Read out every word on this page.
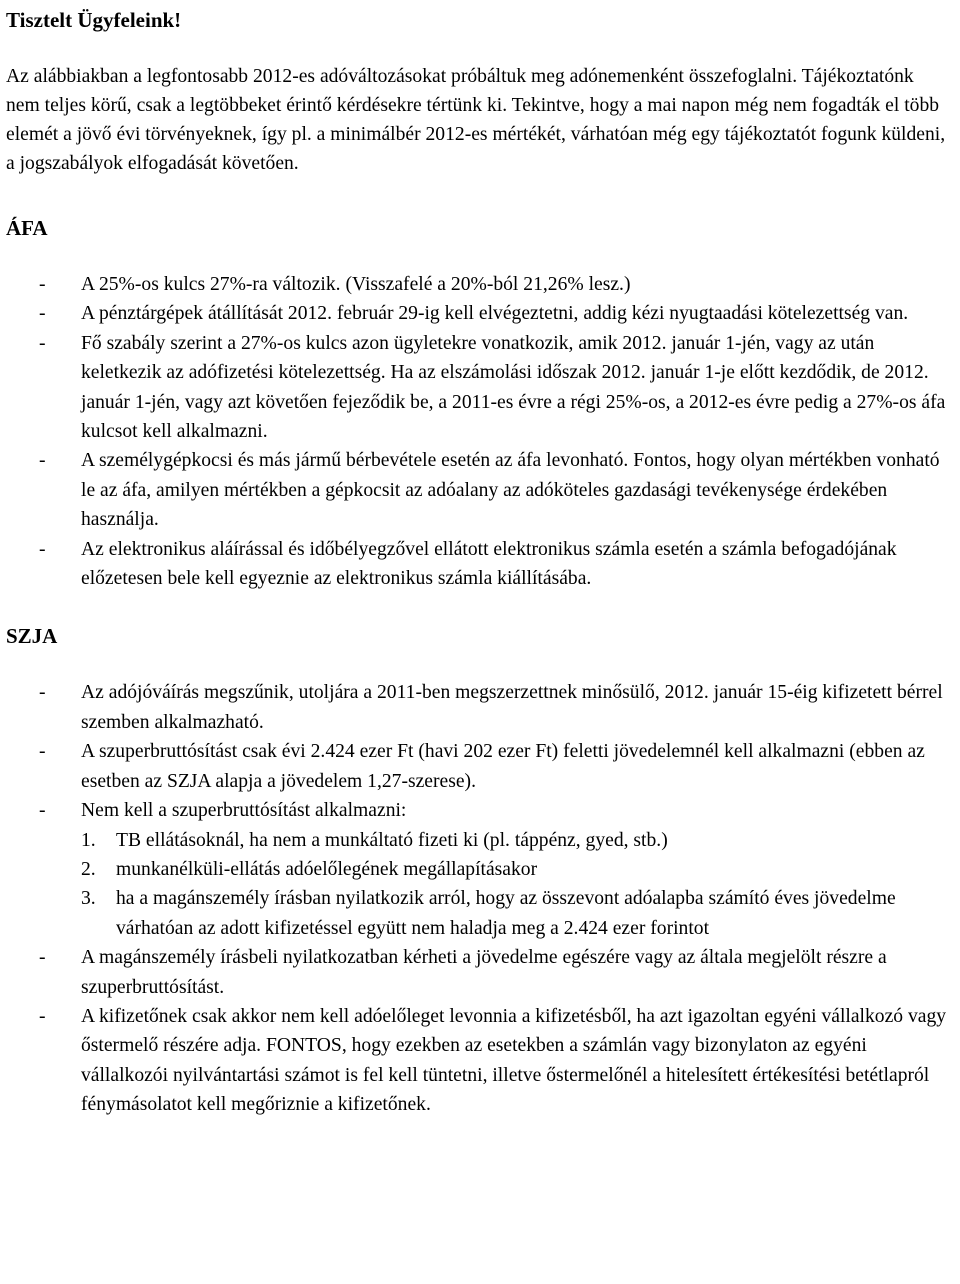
Tisztelt Ügyfeleink!

Az alábbiakban a legfontosabb 2012-es adóváltozásokat próbáltuk meg adónemenként összefoglalni. Tájékoztatónk nem teljes körű, csak a legtöbbeket érintő kérdésekre tértünk ki. Tekintve, hogy a mai napon még nem fogadták el több elemét a jövő évi törvényeknek, így pl. a minimálbér 2012-es mértékét, várhatóan még egy tájékoztatót fogunk küldeni, a jogszabályok elfogadását követően.

ÁFA
- A 25%-os kulcs 27%-ra változik. (Visszafelé a 20%-ból 21,26% lesz.)
- A pénztárgépek átállítását 2012. február 29-ig kell elvégeztetni, addig kézi nyugtaadási kötelezettség van.
- Fő szabály szerint a 27%-os kulcs azon ügyletekre vonatkozik, amik 2012. január 1-jén, vagy az után keletkezik az adófizetési kötelezettség. Ha az elszámolási időszak 2012. január 1-je előtt kezdődik, de 2012. január 1-jén, vagy azt követően fejeződik be, a 2011-es évre a régi 25%-os, a 2012-es évre pedig a 27%-os áfa kulcsot kell alkalmazni.
- A személygépkocsi és más jármű bérbevétele esetén az áfa levonható. Fontos, hogy olyan mértékben vonható le az áfa, amilyen mértékben a gépkocsit az adóalany az adóköteles gazdasági tevékenysége érdekében használja.
- Az elektronikus aláírással és időbélyegzővel ellátott elektronikus számla esetén a számla befogadójának előzetesen bele kell egyeznie az elektronikus számla kiállításába.
SZJA
- Az adójóváírás megszűnik, utoljára a 2011-ben megszerzettnek minősülő, 2012. január 15-éig kifizetett bérrel szemben alkalmazható.
- A szuperbruttósítást csak évi 2.424 ezer Ft (havi 202 ezer Ft) feletti jövedelemnél kell alkalmazni (ebben az esetben az SZJA alapja a jövedelem 1,27-szerese).
- Nem kell a szuperbruttósítást alkalmazni:
1. TB ellátásoknál, ha nem a munkáltató fizeti ki (pl. táppénz, gyed, stb.)
2. munkanélküli-ellátás adóelőlegének megállapításakor
3. ha a magánszemély írásban nyilatkozik arról, hogy az összevont adóalapba számító éves jövedelme várhatóan az adott kifizetéssel együtt nem haladja meg a 2.424 ezer forintot
- A magánszemély írásbeli nyilatkozatban kérheti a jövedelme egészére vagy az általa megjelölt részre a szuperbruttósítást.
- A kifizetőnek csak akkor nem kell adóelőleget levonnia a kifizetésből, ha azt igazoltan egyéni vállalkozó vagy őstermelő részére adja. FONTOS, hogy ezekben az esetekben a számlán vagy bizonylaton az egyéni vállalkozói nyilvántartási számot is fel kell tüntetni, illetve őstermelőnél a hitelesített értékesítési betétlapról fénymásolatot kell megőriznie a kifizetőnek.
